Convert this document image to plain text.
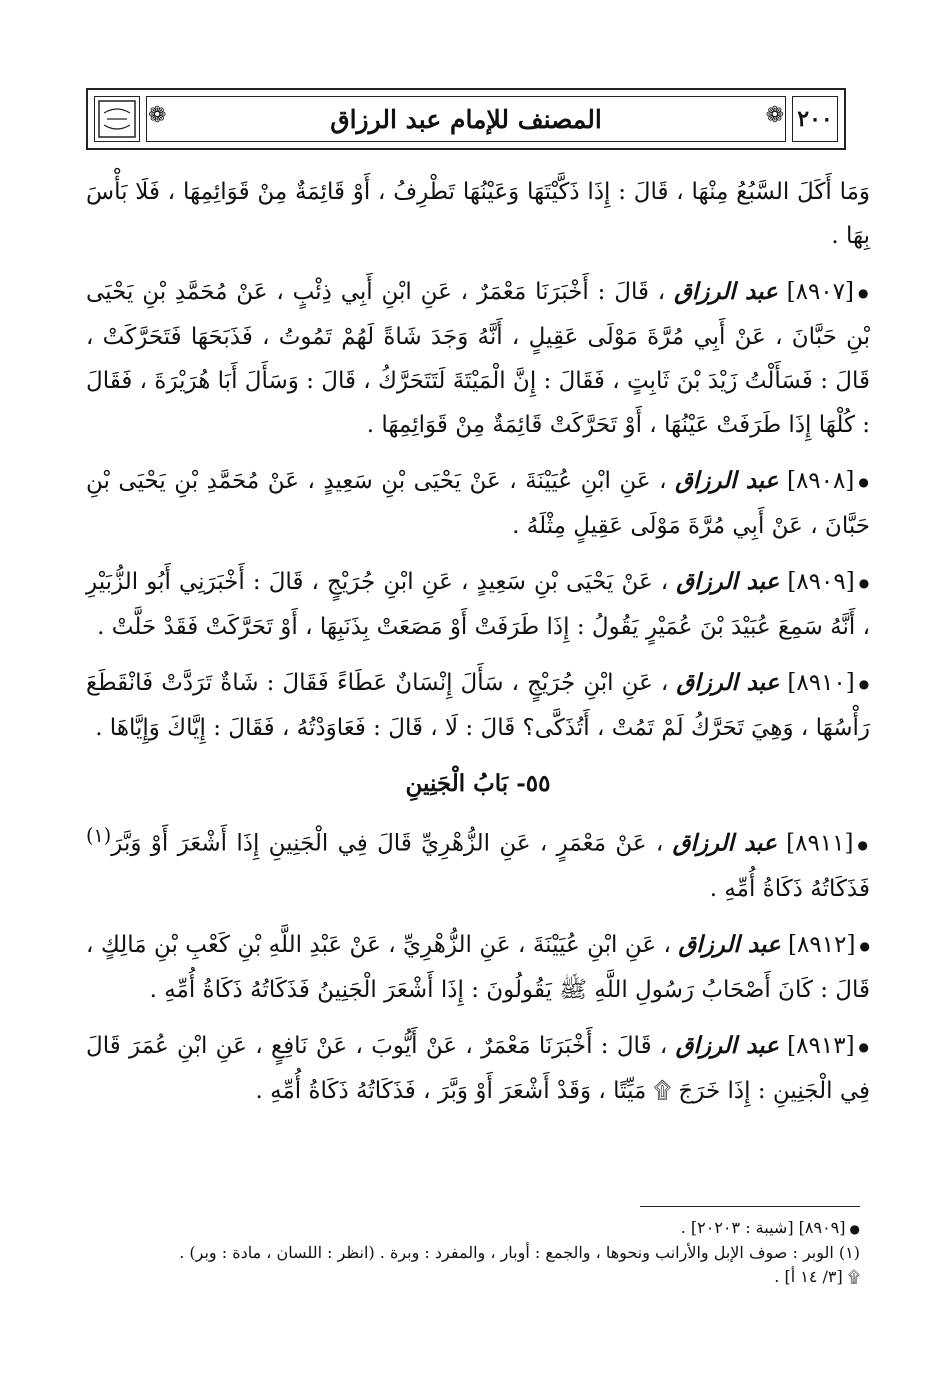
٢٠٠
❁
❁	المصنف للإمام عبد الرزاق

وَمَا أَكَلَ السَّبُعُ مِنْهَا ، قَالَ : إِذَا ذَكَّيْتَهَا وَعَيْنُهَا تَطْرِفُ ، أَوْ قَائِمَةٌ مِنْ قَوَائِمِهَا ، فَلَا بَأْسَ بِهَا .

●[٨٩٠٧] عبد الرزاق ، قَالَ : أَخْبَرَنَا مَعْمَرٌ ، عَنِ ابْنِ أَبِي ذِئْبٍ ، عَنْ مُحَمَّدِ بْنِ يَحْيَى بْنِ حَبَّانَ ، عَنْ أَبِي مُرَّةَ مَوْلَى عَقِيلٍ ، أَنَّهُ وَجَدَ شَاةً لَهُمْ تَمُوتُ ، فَذَبَحَهَا فَتَحَرَّكَتْ ، قَالَ : فَسَأَلْتُ زَيْدَ بْنَ ثَابِتٍ ، فَقَالَ : إِنَّ الْمَيْتَةَ لَتَتَحَرَّكُ ، قَالَ : وَسَأَلَ أَبَا هُرَيْرَةَ ، فَقَالَ : كُلْهَا إِذَا طَرَفَتْ عَيْنُهَا ، أَوْ تَحَرَّكَتْ قَائِمَةٌ مِنْ قَوَائِمِهَا .

●[٨٩٠٨] عبد الرزاق ، عَنِ ابْنِ عُيَيْنَةَ ، عَنْ يَحْيَى بْنِ سَعِيدٍ ، عَنْ مُحَمَّدِ بْنِ يَحْيَى بْنِ حَبَّانَ ، عَنْ أَبِي مُرَّةَ مَوْلَى عَقِيلٍ مِثْلَهُ .

●[٨٩٠٩] عبد الرزاق ، عَنْ يَحْيَى بْنِ سَعِيدٍ ، عَنِ ابْنِ جُرَيْجٍ ، قَالَ : أَخْبَرَنِي أَبُو الزُّبَيْرِ ، أَنَّهُ سَمِعَ عُبَيْدَ بْنَ عُمَيْرٍ يَقُولُ : إِذَا طَرَفَتْ أَوْ مَصَعَتْ بِذَنَبِهَا ، أَوْ تَحَرَّكَتْ فَقَدْ حَلَّتْ .

●[٨٩١٠] عبد الرزاق ، عَنِ ابْنِ جُرَيْجٍ ، سَأَلَ إِنْسَانٌ عَطَاءً فَقَالَ : شَاةٌ تَرَدَّتْ فَانْقَطَعَ رَأْسُهَا ، وَهِيَ تَحَرَّكُ لَمْ تَمُتْ ، أَتُذَكَّى؟ قَالَ : لَا ، قَالَ : فَعَاوَدْتُهُ ، فَقَالَ : إِيَّاكَ وَإِيَّاهَا .

٥٥- بَابُ الْجَنِينِ

●[٨٩١١] عبد الرزاق ، عَنْ مَعْمَرٍ ، عَنِ الزُّهْرِيِّ قَالَ فِي الْجَنِينِ إِذَا أَشْعَرَ أَوْ وَبَّرَ$^{(١)}$ فَذَكَاتُهُ ذَكَاةُ أُمِّهِ .

●[٨٩١٢] عبد الرزاق ، عَنِ ابْنِ عُيَيْنَةَ ، عَنِ الزُّهْرِيِّ ، عَنْ عَبْدِ اللَّهِ بْنِ كَعْبِ بْنِ مَالِكٍ ، قَالَ : كَانَ أَصْحَابُ رَسُولِ اللَّهِ ﷺ يَقُولُونَ : إِذَا أَشْعَرَ الْجَنِينُ فَذَكَاتُهُ ذَكَاةُ أُمِّهِ .

●[٨٩١٣] عبد الرزاق ، قَالَ : أَخْبَرَنَا مَعْمَرٌ ، عَنْ أَيُّوبَ ، عَنْ نَافِعٍ ، عَنِ ابْنِ عُمَرَ قَالَ فِي الْجَنِينِ : إِذَا خَرَجَ ۩ مَيِّتًا ، وَقَدْ أَشْعَرَ أَوْ وَبَّرَ ، فَذَكَاتُهُ ذَكَاةُ أُمِّهِ .

●[٨٩٠٩] [شيبة : ٢٠٢٠٣] .
(١) الوبر : صوف الإبل والأرانب ونحوها ، والجمع : أوبار ، والمفرد : وبرة . (انظر : اللسان ، مادة : وبر) .
۩ [٣/ ١٤ أ] .
